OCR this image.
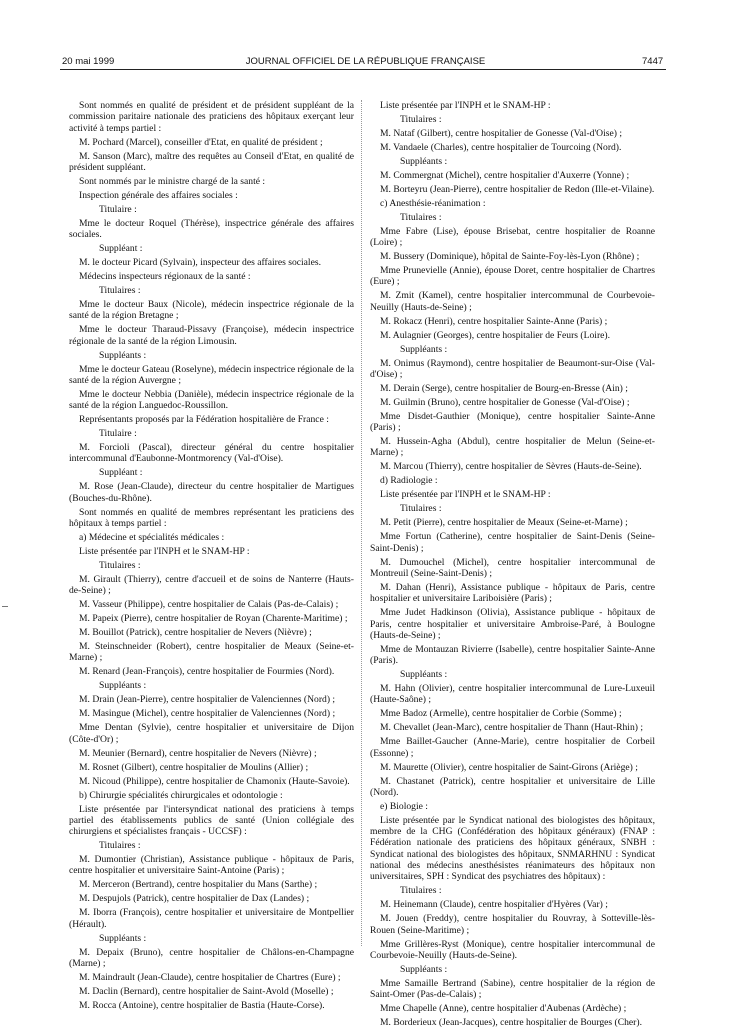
20 mai 1999	JOURNAL OFFICIEL DE LA RÉPUBLIQUE FRANÇAISE	7447

Sont nommés en qualité de président et de président suppléant de la commission paritaire nationale des praticiens des hôpitaux exerçant leur activité à temps partiel :

M. Pochard (Marcel), conseiller d'Etat, en qualité de président ;

M. Sanson (Marc), maître des requêtes au Conseil d'Etat, en qualité de président suppléant.

Sont nommés par le ministre chargé de la santé :

Inspection générale des affaires sociales :

Titulaire :

Mme le docteur Roquel (Thérèse), inspectrice générale des affaires sociales.

Suppléant :

M. le docteur Picard (Sylvain), inspecteur des affaires sociales.

Médecins inspecteurs régionaux de la santé :

Titulaires :

Mme le docteur Baux (Nicole), médecin inspectrice régionale de la santé de la région Bretagne ;

Mme le docteur Tharaud-Pissavy (Françoise), médecin inspectrice régionale de la santé de la région Limousin.

Suppléants :

Mme le docteur Gateau (Roselyne), médecin inspectrice régionale de la santé de la région Auvergne ;

Mme le docteur Nebbia (Danièle), médecin inspectrice régionale de la santé de la région Languedoc-Roussillon.

Représentants proposés par la Fédération hospitalière de France :

Titulaire :

M. Forcioli (Pascal), directeur général du centre hospitalier intercommunal d'Eaubonne-Montmorency (Val-d'Oise).

Suppléant :

M. Rose (Jean-Claude), directeur du centre hospitalier de Martigues (Bouches-du-Rhône).

Sont nommés en qualité de membres représentant les praticiens des hôpitaux à temps partiel :

a) Médecine et spécialités médicales :

Liste présentée par l'INPH et le SNAM-HP :

Titulaires :

M. Girault (Thierry), centre d'accueil et de soins de Nanterre (Hauts-de-Seine) ;

M. Vasseur (Philippe), centre hospitalier de Calais (Pas-de-Calais) ;

M. Papeix (Pierre), centre hospitalier de Royan (Charente-Maritime) ;

M. Bouillot (Patrick), centre hospitalier de Nevers (Nièvre) ;

M. Steinschneider (Robert), centre hospitalier de Meaux (Seine-et-Marne) ;

M. Renard (Jean-François), centre hospitalier de Fourmies (Nord).

Suppléants :

M. Drain (Jean-Pierre), centre hospitalier de Valenciennes (Nord) ;

M. Masingue (Michel), centre hospitalier de Valenciennes (Nord) ;

Mme Dentan (Sylvie), centre hospitalier et universitaire de Dijon (Côte-d'Or) ;

M. Meunier (Bernard), centre hospitalier de Nevers (Nièvre) ;

M. Rosnet (Gilbert), centre hospitalier de Moulins (Allier) ;

M. Nicoud (Philippe), centre hospitalier de Chamonix (Haute-Savoie).

b) Chirurgie spécialités chirurgicales et odontologie :

Liste présentée par l'intersyndicat national des praticiens à temps partiel des établissements publics de santé (Union collégiale des chirurgiens et spécialistes français - UCCSF) :

Titulaires :

M. Dumontier (Christian), Assistance publique - hôpitaux de Paris, centre hospitalier et universitaire Saint-Antoine (Paris) ;

M. Merceron (Bertrand), centre hospitalier du Mans (Sarthe) ;

M. Despujols (Patrick), centre hospitalier de Dax (Landes) ;

M. Iborra (François), centre hospitalier et universitaire de Montpellier (Hérault).

Suppléants :

M. Depaix (Bruno), centre hospitalier de Châlons-en-Champagne (Marne) ;

M. Maindrault (Jean-Claude), centre hospitalier de Chartres (Eure) ;

M. Daclin (Bernard), centre hospitalier de Saint-Avold (Moselle) ;

M. Rocca (Antoine), centre hospitalier de Bastia (Haute-Corse).

Liste présentée par l'INPH et le SNAM-HP :

Titulaires :

M. Nataf (Gilbert), centre hospitalier de Gonesse (Val-d'Oise) ;

M. Vandaele (Charles), centre hospitalier de Tourcoing (Nord).

Suppléants :

M. Commergnat (Michel), centre hospitalier d'Auxerre (Yonne) ;

M. Borteyru (Jean-Pierre), centre hospitalier de Redon (Ille-et-Vilaine).

c) Anesthésie-réanimation :

Titulaires :

Mme Fabre (Lise), épouse Brisebat, centre hospitalier de Roanne (Loire) ;

M. Bussery (Dominique), hôpital de Sainte-Foy-lès-Lyon (Rhône) ;

Mme Prunevielle (Annie), épouse Doret, centre hospitalier de Chartres (Eure) ;

M. Zmit (Kamel), centre hospitalier intercommunal de Courbevoie-Neuilly (Hauts-de-Seine) ;

M. Rokacz (Henri), centre hospitalier Sainte-Anne (Paris) ;

M. Aulagnier (Georges), centre hospitalier de Feurs (Loire).

Suppléants :

M. Onimus (Raymond), centre hospitalier de Beaumont-sur-Oise (Val-d'Oise) ;

M. Derain (Serge), centre hospitalier de Bourg-en-Bresse (Ain) ;

M. Guilmin (Bruno), centre hospitalier de Gonesse (Val-d'Oise) ;

Mme Disdet-Gauthier (Monique), centre hospitalier Sainte-Anne (Paris) ;

M. Hussein-Agha (Abdul), centre hospitalier de Melun (Seine-et-Marne) ;

M. Marcou (Thierry), centre hospitalier de Sèvres (Hauts-de-Seine).

d) Radiologie :

Liste présentée par l'INPH et le SNAM-HP :

Titulaires :

M. Petit (Pierre), centre hospitalier de Meaux (Seine-et-Marne) ;

Mme Fortun (Catherine), centre hospitalier de Saint-Denis (Seine-Saint-Denis) ;

M. Dumouchel (Michel), centre hospitalier intercommunal de Montreuil (Seine-Saint-Denis) ;

M. Dahan (Henri), Assistance publique - hôpitaux de Paris, centre hospitalier et universitaire Lariboisière (Paris) ;

Mme Judet Hadkinson (Olivia), Assistance publique - hôpitaux de Paris, centre hospitalier et universitaire Ambroise-Paré, à Boulogne (Hauts-de-Seine) ;

Mme de Montauzan Rivierre (Isabelle), centre hospitalier Sainte-Anne (Paris).

Suppléants :

M. Hahn (Olivier), centre hospitalier intercommunal de Lure-Luxeuil (Haute-Saône) ;

Mme Badoz (Armelle), centre hospitalier de Corbie (Somme) ;

M. Chevallet (Jean-Marc), centre hospitalier de Thann (Haut-Rhin) ;

Mme Baillet-Gaucher (Anne-Marie), centre hospitalier de Corbeil (Essonne) ;

M. Maurette (Olivier), centre hospitalier de Saint-Girons (Ariège) ;

M. Chastanet (Patrick), centre hospitalier et universitaire de Lille (Nord).

e) Biologie :

Liste présentée par le Syndicat national des biologistes des hôpitaux, membre de la CHG (Confédération des hôpitaux généraux) (FNAP : Fédération nationale des praticiens des hôpitaux généraux, SNBH : Syndicat national des biologistes des hôpitaux, SNMARHNU : Syndicat national des médecins anesthésistes réanimateurs des hôpitaux non universitaires, SPH : Syndicat des psychiatres des hôpitaux) :

Titulaires :

M. Heinemann (Claude), centre hospitalier d'Hyères (Var) ;

M. Jouen (Freddy), centre hospitalier du Rouvray, à Sotteville-lès-Rouen (Seine-Maritime) ;

Mme Grillères-Ryst (Monique), centre hospitalier intercommunal de Courbevoie-Neuilly (Hauts-de-Seine).

Suppléants :

Mme Samaille Bertrand (Sabine), centre hospitalier de la région de Saint-Omer (Pas-de-Calais) ;

Mme Chapelle (Anne), centre hospitalier d'Aubenas (Ardèche) ;

M. Borderieux (Jean-Jacques), centre hospitalier de Bourges (Cher).
